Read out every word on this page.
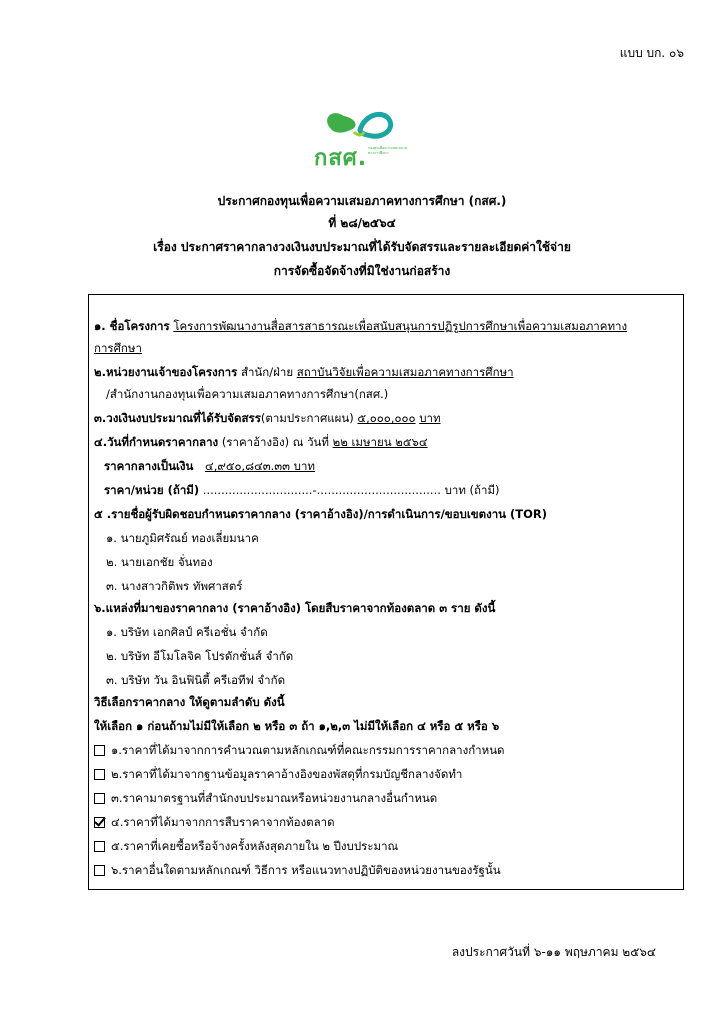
แบบ บก. ๐๖
กสศ. กองทุนเพื่อความเสมอภาคทางการศึกษา
ประกาศกองทุนเพื่อความเสมอภาคทางการศึกษา (กสศ.)
ที่ ๒๘/๒๕๖๔
เรื่อง ประกาศราคากลางวงเงินงบประมาณที่ได้รับจัดสรรและรายละเอียดค่าใช้จ่าย
การจัดซื้อจัดจ้างที่มิใช่งานก่อสร้าง
๑. ชื่อโครงการ โครงการพัฒนางานสื่อสารสาธารณะเพื่อสนับสนุนการปฏิรูปการศึกษาเพื่อความเสมอภาคทาง
การศึกษา
๒.หน่วยงานเจ้าของโครงการ สำนัก/ฝ่าย สถาบันวิจัยเพื่อความเสมอภาคทางการศึกษา
/สำนักงานกองทุนเพื่อความเสมอภาคทางการศึกษา(กสศ.)
๓.วงเงินงบประมาณที่ได้รับจัดสรร(ตามประกาศแผน) ๕,๐๐๐,๐๐๐ บาท
๔.วันที่กำหนดราคากลาง (ราคาอ้างอิง) ณ วันที่ ๒๒ เมษายน ๒๕๖๔
ราคากลางเป็นเงิน ๔,๙๕๐,๘๔๓.๓๓ บาท
ราคา/หน่วย (ถ้ามี) ..............................-.................................. บาท (ถ้ามี)
๕ .รายชื่อผู้รับผิดชอบกำหนดราคากลาง (ราคาอ้างอิง)/การดำเนินการ/ขอบเขตงาน (TOR)
๑. นายภูมิศรัณย์ ทองเลี่ยมนาค
๒. นายเอกชัย จั่นทอง
๓. นางสาวกิติพร ทัพศาสตร์
๖.แหล่งที่มาของราคากลาง (ราคาอ้างอิง) โดยสืบราคาจากท้องตลาด ๓ ราย ดังนี้
๑. บริษัท เอกศิลป์ ครีเอชั่น จำกัด
๒. บริษัท อีโมโลจิค โปรดักชั่นส์ จำกัด
๓. บริษัท วัน อินฟินิตี้ ครีเอทีฟ จำกัด
วิธีเลือกราคากลาง ให้ดูตามลำดับ ดังนี้
ให้เลือก ๑ ก่อนถ้ามไม่มีให้เลือก ๒ หรือ ๓ ถ้า ๑,๒,๓ ไม่มีให้เลือก ๔ หรือ ๕ หรือ ๖
๑.ราคาที่ได้มาจากการคำนวณตามหลักเกณฑ์ที่คณะกรรมการราคากลางกำหนด
๒.ราคาที่ได้มาจากฐานข้อมูลราคาอ้างอิงของพัสดุที่กรมบัญชีกลางจัดทำ
๓.ราคามาตรฐานที่สำนักงบประมาณหรือหน่วยงานกลางอื่นกำหนด
๔.ราคาที่ได้มาจากการสืบราคาจากท้องตลาด
๕.ราคาที่เคยซื้อหรือจ้างครั้งหลังสุดภายใน ๒ ปีงบประมาณ
๖.ราคาอื่นใดตามหลักเกณฑ์ วิธีการ หรือแนวทางปฏิบัติของหน่วยงานของรัฐนั้น
ลงประกาศวันที่ ๖-๑๑ พฤษภาคม ๒๕๖๔
